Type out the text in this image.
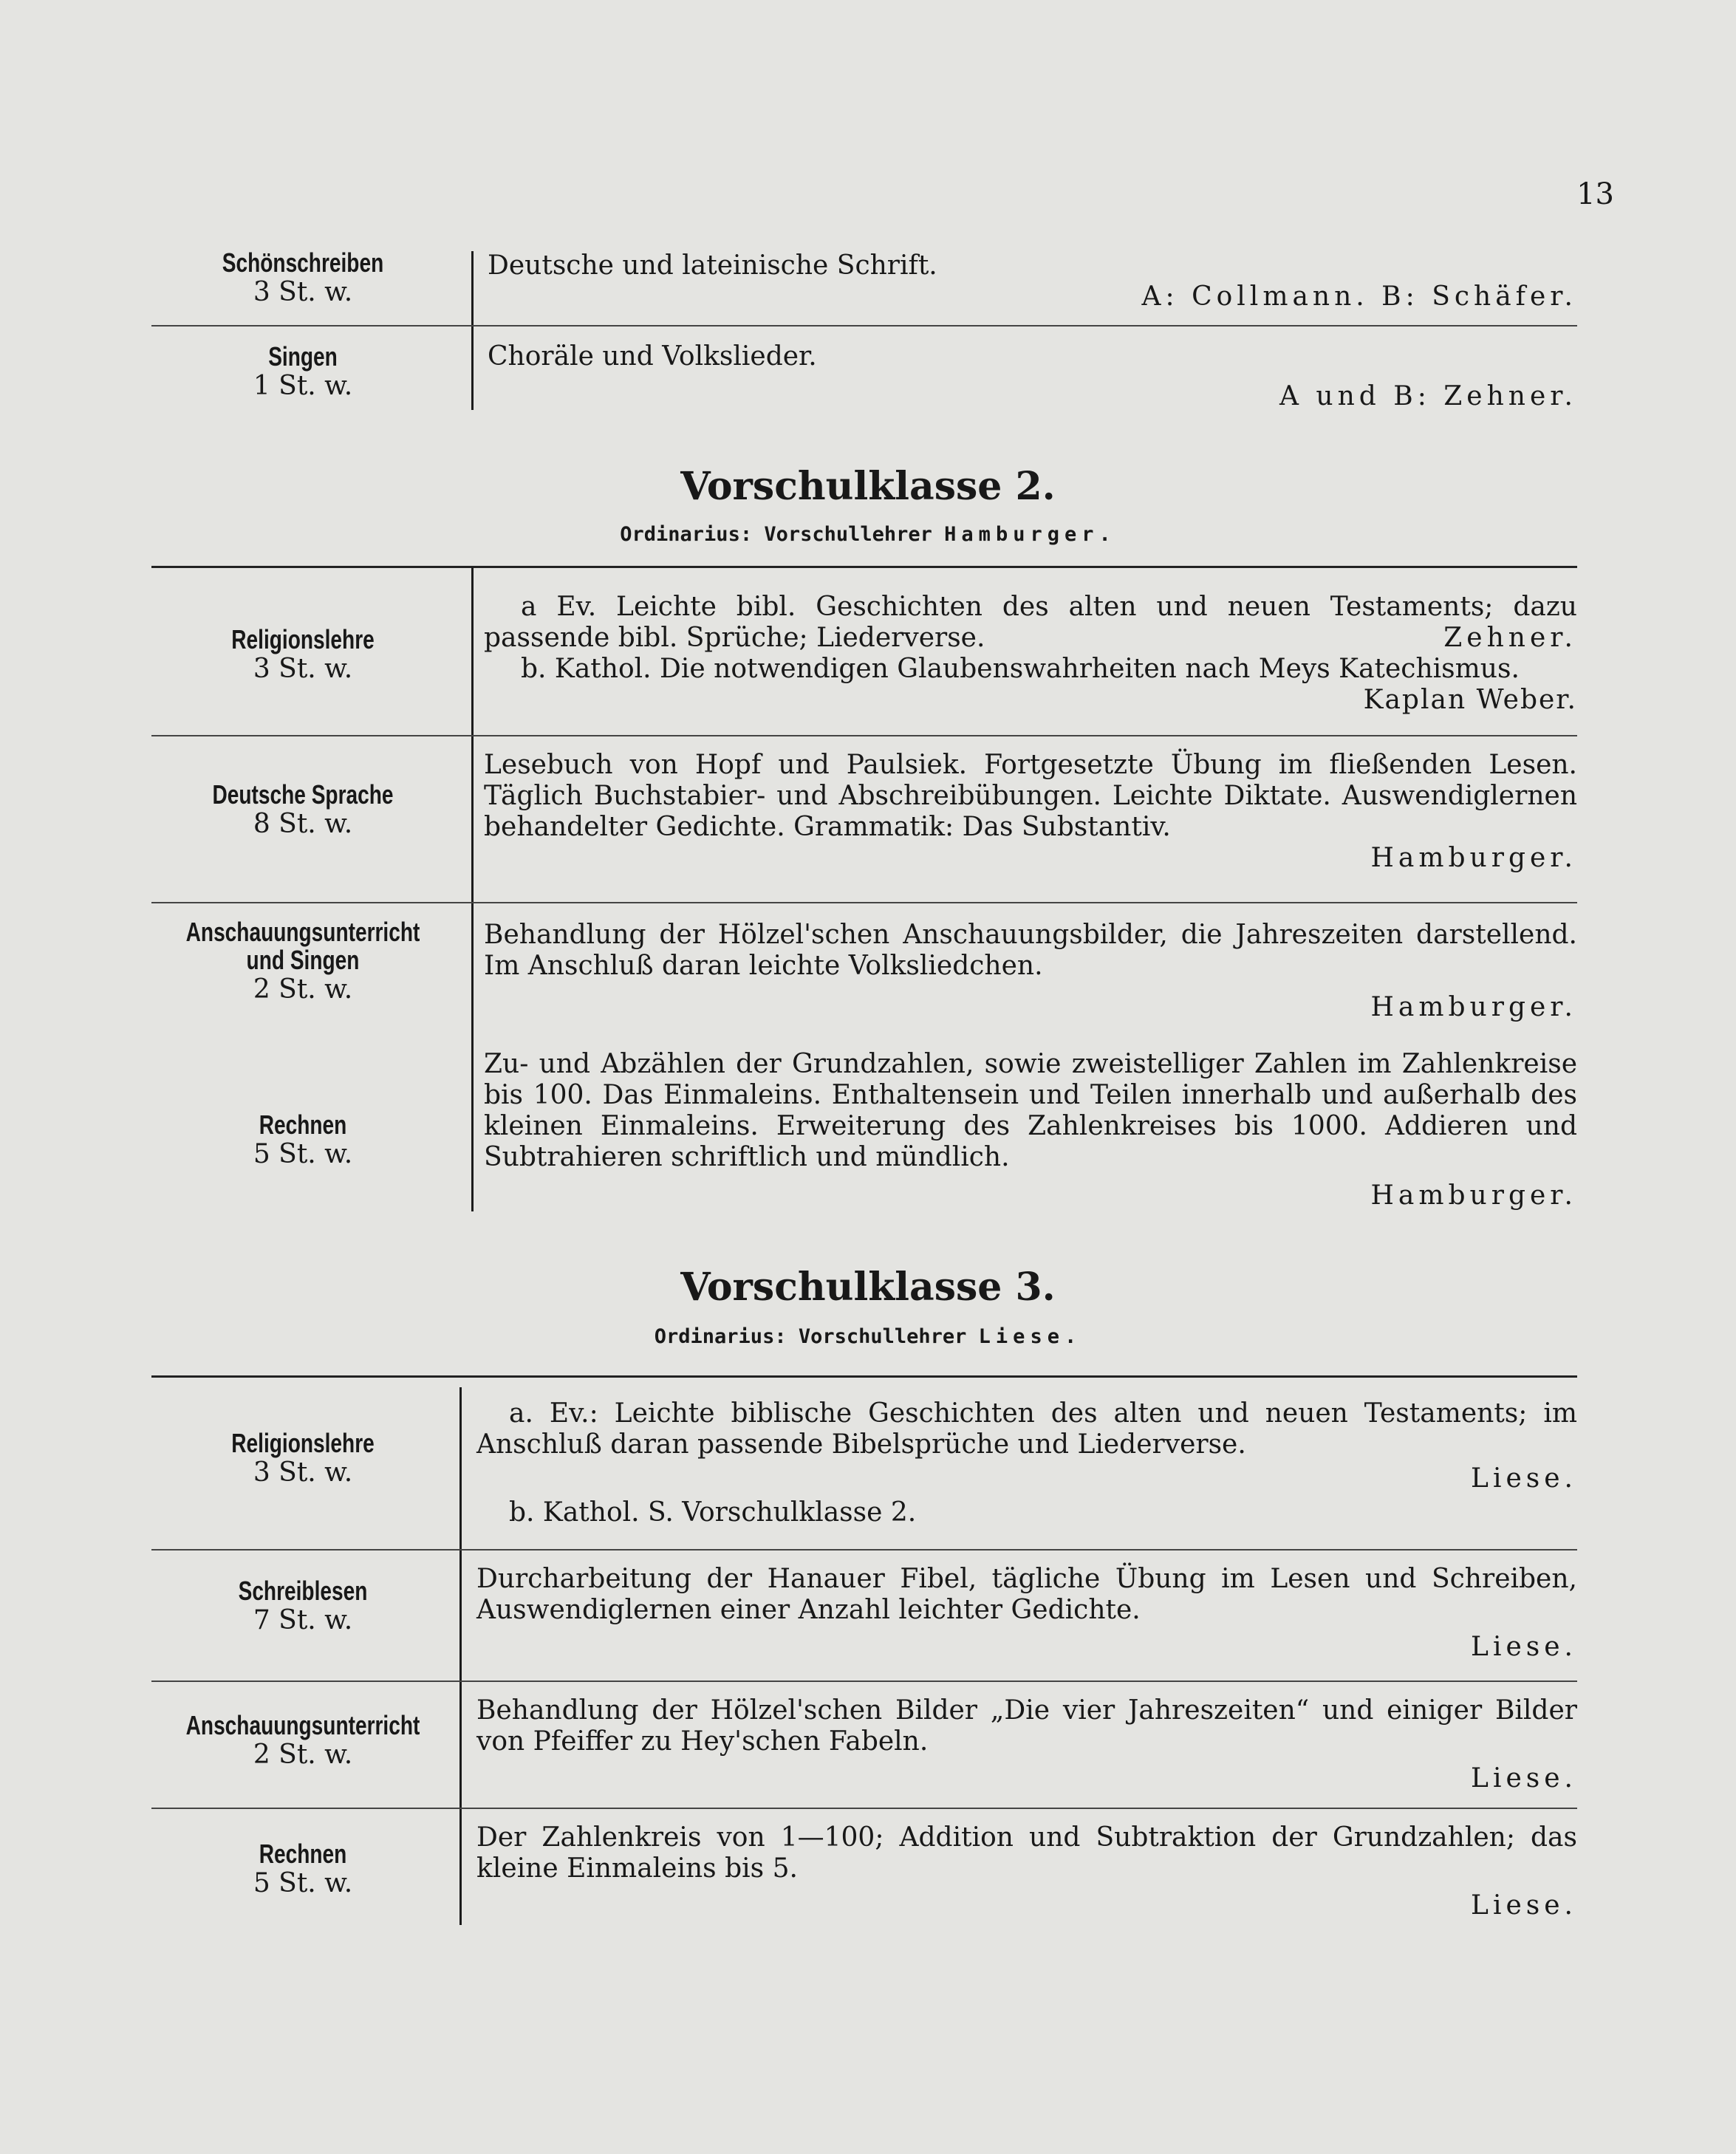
13
Schönschreiben
3 St. w.

Deutsche und lateinische Schrift.

A: Collmann. B: Schäfer.

Singen
1 St. w.

Choräle und Volkslieder.

A und B: Zehner.

Vorschulklasse 2.
Ordinarius: Vorschullehrer Hamburger.
Religionslehre
3 St. w.

a Ev. Leichte bibl. Geschichten des alten und neuen Testaments; dazu passende bibl. Sprüche; Liederverse.	Zehner.

b. Kathol. Die notwendigen Glaubenswahrheiten nach Meys Katechismus.

Kaplan Weber.

Deutsche Sprache
8 St. w.

Lesebuch von Hopf und Paulsiek. Fortgesetzte Übung im fließenden Lesen. Täglich Buchstabier- und Abschreibübungen. Leichte Diktate. Auswendiglernen behandelter Gedichte. Grammatik: Das Substantiv.

Hamburger.

Anschauungsunterricht
und Singen
2 St. w.

Behandlung der Hölzel'schen Anschauungsbilder, die Jahreszeiten darstellend. Im Anschluß daran leichte Volksliedchen.

Hamburger.

Rechnen
5 St. w.

Zu- und Abzählen der Grundzahlen, sowie zweistelliger Zahlen im Zahlenkreise bis 100. Das Einmaleins. Enthaltensein und Teilen innerhalb und außerhalb des kleinen Einmaleins. Erweiterung des Zahlenkreises bis 1000. Addieren und Subtrahieren schriftlich und mündlich.

Hamburger.

Vorschulklasse 3.
Ordinarius: Vorschullehrer Liese.
Religionslehre
3 St. w.

a. Ev.: Leichte biblische Geschichten des alten und neuen Testaments; im Anschluß daran passende Bibelsprüche und Liederverse.

Liese.

b. Kathol. S. Vorschulklasse 2.

Schreiblesen
7 St. w.

Durcharbeitung der Hanauer Fibel, tägliche Übung im Lesen und Schreiben, Auswendiglernen einer Anzahl leichter Gedichte.

Liese.

Anschauungsunterricht
2 St. w.

Behandlung der Hölzel'schen Bilder „Die vier Jahreszeiten“ und einiger Bilder von Pfeiffer zu Hey'schen Fabeln.

Liese.

Rechnen
5 St. w.

Der Zahlenkreis von 1—100; Addition und Subtraktion der Grundzahlen; das kleine Einmaleins bis 5.

Liese.
